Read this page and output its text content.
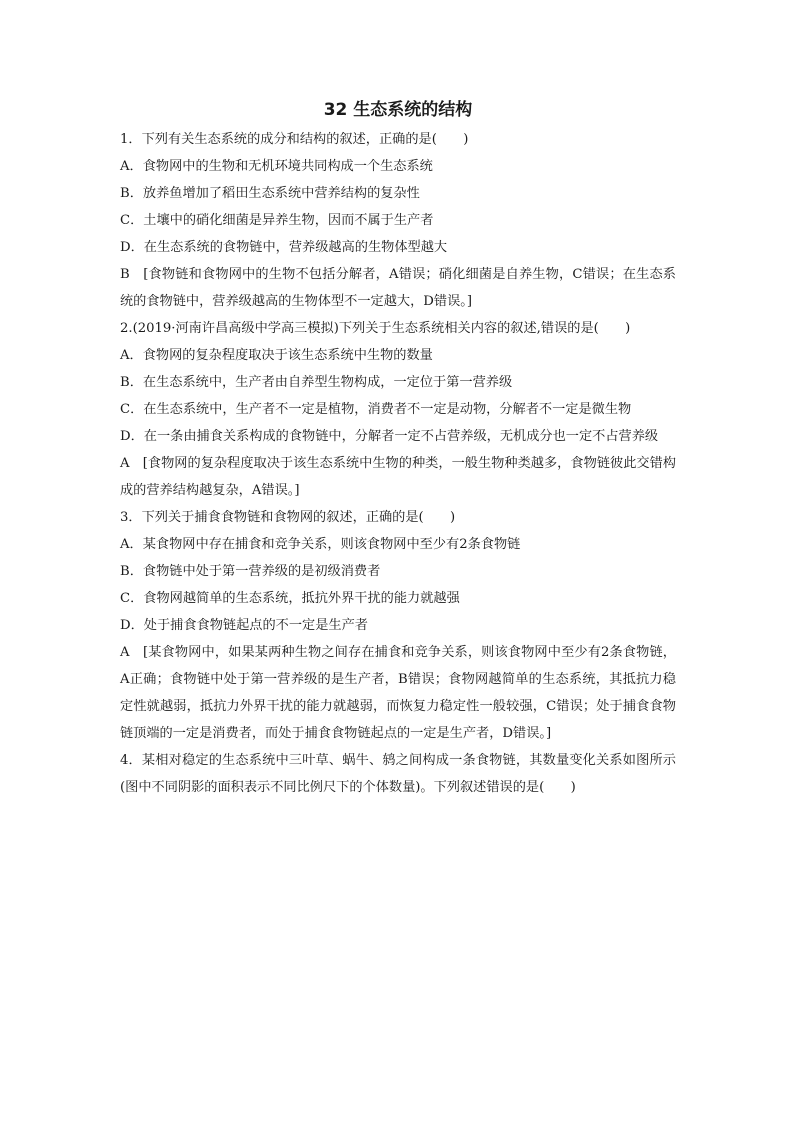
32 生态系统的结构

1．下列有关生态系统的成分和结构的叙述，正确的是(　　)

A．食物网中的生物和无机环境共同构成一个生态系统

B．放养鱼增加了稻田生态系统中营养结构的复杂性

C．土壤中的硝化细菌是异养生物，因而不属于生产者

D．在生态系统的食物链中，营养级越高的生物体型越大

B　[食物链和食物网中的生物不包括分解者，A错误；硝化细菌是自养生物，C错误；在生态系统的食物链中，营养级越高的生物体型不一定越大，D错误。]

2.(2019·河南许昌高级中学高三模拟)下列关于生态系统相关内容的叙述,错误的是(　　)

A．食物网的复杂程度取决于该生态系统中生物的数量

B．在生态系统中，生产者由自养型生物构成，一定位于第一营养级

C．在生态系统中，生产者不一定是植物，消费者不一定是动物，分解者不一定是微生物

D．在一条由捕食关系构成的食物链中，分解者一定不占营养级，无机成分也一定不占营养级

A　[食物网的复杂程度取决于该生态系统中生物的种类，一般生物种类越多，食物链彼此交错构成的营养结构越复杂，A错误。]

3．下列关于捕食食物链和食物网的叙述，正确的是(　　)

A．某食物网中存在捕食和竞争关系，则该食物网中至少有2条食物链

B．食物链中处于第一营养级的是初级消费者

C．食物网越简单的生态系统，抵抗外界干扰的能力就越强

D．处于捕食食物链起点的不一定是生产者

A　[某食物网中，如果某两种生物之间存在捕食和竞争关系，则该食物网中至少有2条食物链，A正确；食物链中处于第一营养级的是生产者，B错误；食物网越简单的生态系统，其抵抗力稳定性就越弱，抵抗力外界干扰的能力就越弱，而恢复力稳定性一般较强，C错误；处于捕食食物链顶端的一定是消费者，而处于捕食食物链起点的一定是生产者，D错误。]

4．某相对稳定的生态系统中三叶草、蜗牛、鸫之间构成一条食物链，其数量变化关系如图所示(图中不同阴影的面积表示不同比例尺下的个体数量)。下列叙述错误的是(　　)
